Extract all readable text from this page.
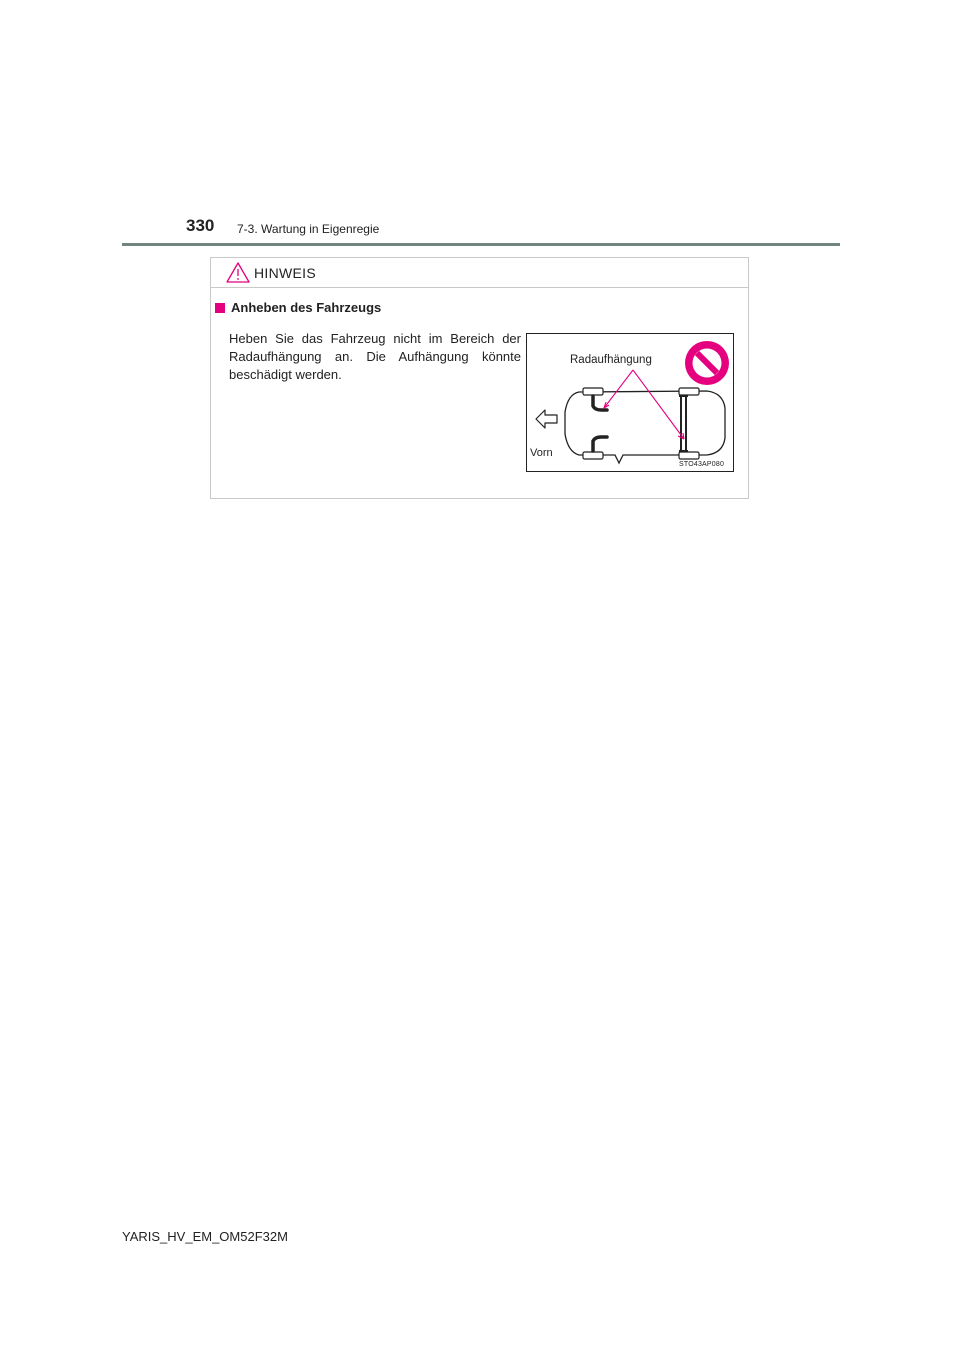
330 7-3. Wartung in Eigenregie
HINWEIS
Anheben des Fahrzeugs
Heben Sie das Fahrzeug nicht im Bereich der Radaufhängung an. Die Aufhängung könnte beschädigt werden.
Radaufhängung
Vorn
STO43AP080
YARIS_HV_EM_OM52F32M
